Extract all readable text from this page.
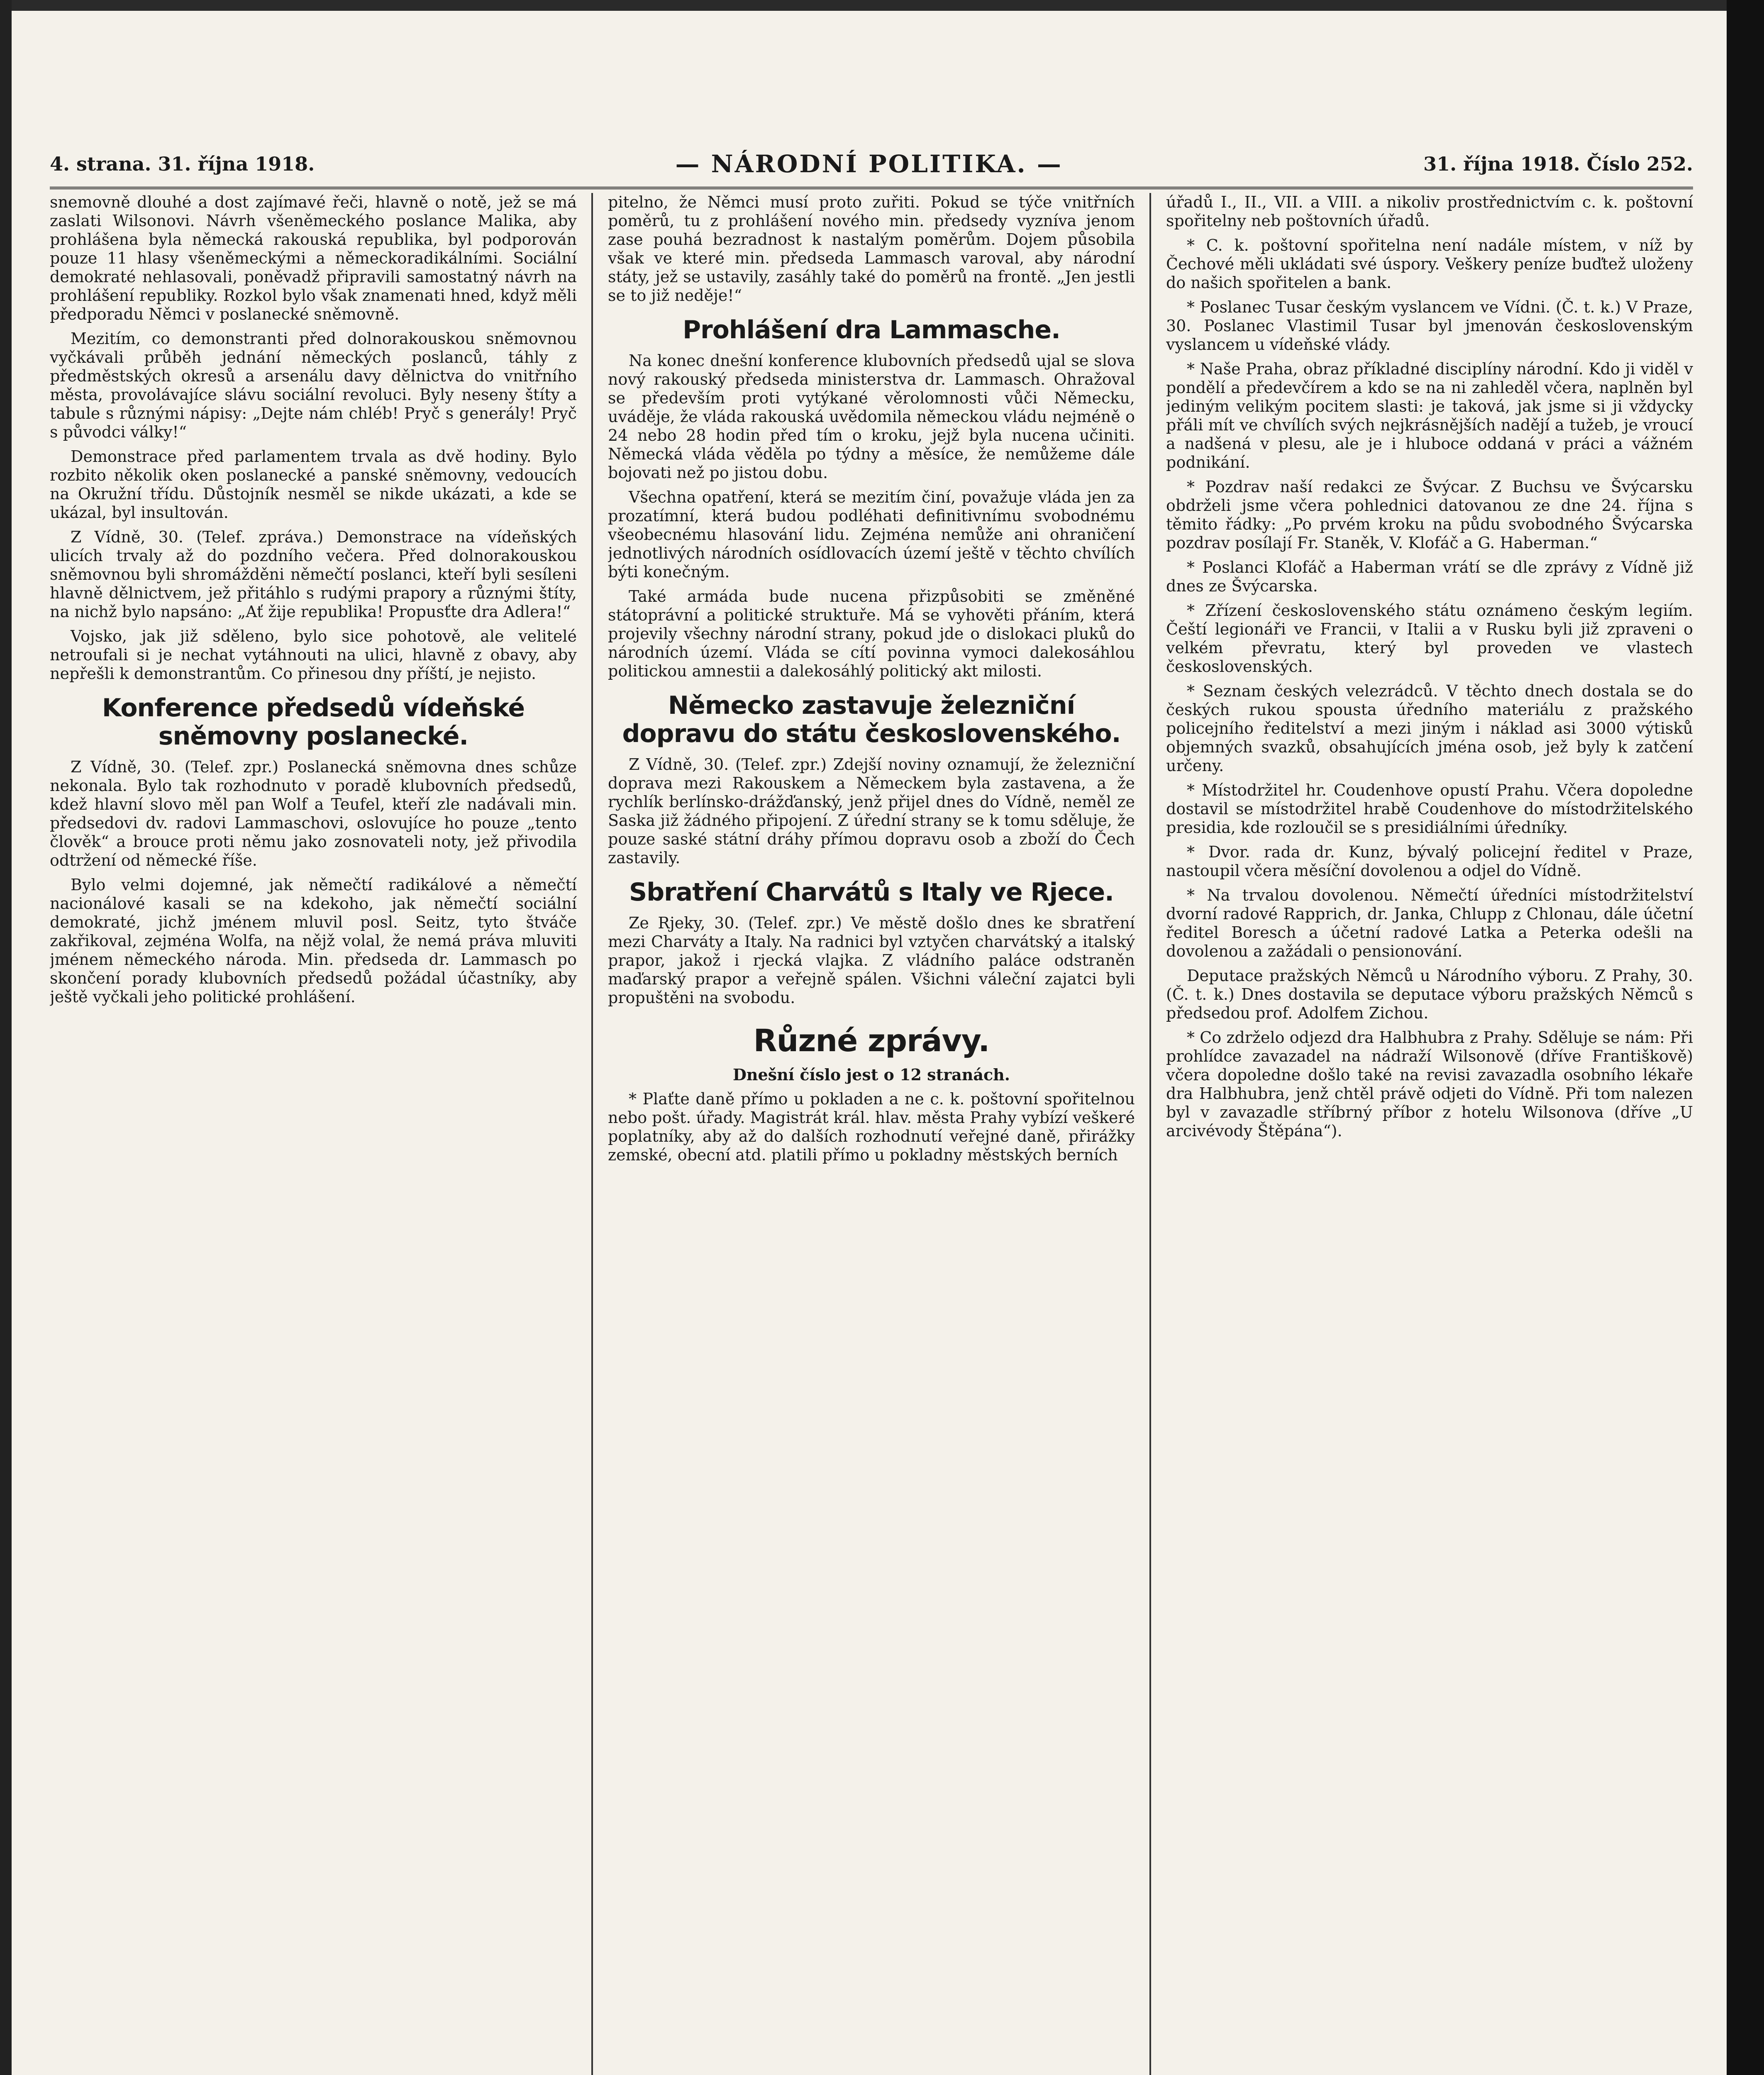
4. strana. 31. října 1918.	— NÁRODNÍ POLITIKA. —	31. října 1918. Číslo 252.

snemovně dlouhé a dost zajímavé řeči, hlavně o notě, jež se má zaslati Wilsonovi. Návrh všeněmeckého poslance Malika, aby prohlášena byla německá rakouská republika, byl podporován pouze 11 hlasy všeněmeckými a německoradikálními. Sociální demokraté nehlasovali, poněvadž připravili samostatný návrh na prohlášení republiky. Rozkol bylo však znamenati hned, když měli předporadu Němci v poslanecké sněmovně.

Mezitím, co demonstranti před dolnorakouskou sněmovnou vyčkávali průběh jednání německých poslanců, táhly z předměstských okresů a arsenálu davy dělnictva do vnitřního města, provolávajíce slávu sociální revoluci. Byly neseny štíty a tabule s různými nápisy: „Dejte nám chléb! Pryč s generály! Pryč s původci války!“

Demonstrace před parlamentem trvala as dvě hodiny. Bylo rozbito několik oken poslanecké a panské sněmovny, vedoucích na Okružní třídu. Důstojník nesměl se nikde ukázati, a kde se ukázal, byl insultován.

Z Vídně, 30. (Telef. zpráva.) Demonstrace na vídeňských ulicích trvaly až do pozdního večera. Před dolnorakouskou sněmovnou byli shromážděni němečtí poslanci, kteří byli sesíleni hlavně dělnictvem, jež přitáhlo s rudými prapory a různými štíty, na nichž bylo napsáno: „Ať žije republika! Propusťte dra Adlera!“

Vojsko, jak již sděleno, bylo sice pohotově, ale velitelé netroufali si je nechat vytáhnouti na ulici, hlavně z obavy, aby nepřešli k demonstrantům. Co přinesou dny příští, je nejisto.

Konference předsedů vídeňské sněmovny poslanecké.

Z Vídně, 30. (Telef. zpr.) Poslanecká sněmovna dnes schůze nekonala. Bylo tak rozhodnuto v poradě klubovních předsedů, kdež hlavní slovo měl pan Wolf a Teufel, kteří zle nadávali min. předsedovi dv. radovi Lammaschovi, oslovujíce ho pouze „tento člověk“ a brouce proti němu jako zosnovateli noty, jež přivodila odtržení od německé říše.

Bylo velmi dojemné, jak němečtí radikálové a němečtí nacionálové kasali se na kdekoho, jak němečtí sociální demokraté, jichž jménem mluvil posl. Seitz, tyto štváče zakřikoval, zejména Wolfa, na nějž volal, že nemá práva mluviti jménem německého národa. Min. předseda dr. Lammasch po skončení porady klubovních předsedů požádal účastníky, aby ještě vyčkali jeho politické prohlášení.

pitelno, že Němci musí proto zuřiti. Pokud se týče vnitřních poměrů, tu z prohlášení nového min. předsedy vyzníva jenom zase pouhá bezradnost k nastalým poměrům. Dojem působila však ve které min. předseda Lammasch varoval, aby národní státy, jež se ustavily, zasáhly také do poměrů na frontě. „Jen jestli se to již neděje!“

Prohlášení dra Lammasche.

Na konec dnešní konference klubovních předsedů ujal se slova nový rakouský předseda ministerstva dr. Lammasch. Ohražoval se především proti vytýkané věrolomnosti vůči Německu, uváděje, že vláda rakouská uvědomila německou vládu nejméně o 24 nebo 28 hodin před tím o kroku, jejž byla nucena učiniti. Německá vláda věděla po týdny a měsíce, že nemůžeme dále bojovati než po jistou dobu.

Všechna opatření, která se mezitím činí, považuje vláda jen za prozatímní, která budou podléhati definitivnímu svobodnému všeobecnému hlasování lidu. Zejména nemůže ani ohraničení jednotlivých národních osídlovacích území ještě v těchto chvílích býti konečným.

Také armáda bude nucena přizpůsobiti se změněné státoprávní a politické struktuře. Má se vyhověti přáním, která projevily všechny národní strany, pokud jde o dislokaci pluků do národních území. Vláda se cítí povinna vymoci dalekosáhlou politickou amnestii a dalekosáhlý politický akt milosti.

Německo zastavuje železniční dopravu do státu československého.

Z Vídně, 30. (Telef. zpr.) Zdejší noviny oznamují, že železniční doprava mezi Rakouskem a Německem byla zastavena, a že rychlík berlínsko-drážďanský, jenž přijel dnes do Vídně, neměl ze Saska již žádného připojení. Z úřední strany se k tomu sděluje, že pouze saské státní dráhy přímou dopravu osob a zboží do Čech zastavily.

Sbratření Charvátů s Italy ve Rjece.

Ze Rjeky, 30. (Telef. zpr.) Ve městě došlo dnes ke sbratření mezi Charváty a Italy. Na radnici byl vztyčen charvátský a italský prapor, jakož i rjecká vlajka. Z vládního paláce odstraněn maďarský prapor a veřejně spálen. Všichni váleční zajatci byli propuštěni na svobodu.

Různé zprávy.

Dnešní číslo jest o 12 stranách.

* Plaťte daně přímo u pokladen a ne c. k. poštovní spořitelnou nebo pošt. úřady. Magistrát král. hlav. města Prahy vybízí veškeré poplatníky, aby až do dalších rozhodnutí veřejné daně, přirážky zemské, obecní atd. platili přímo u pokladny městských berních

úřadů I., II., VII. a VIII. a nikoliv prostřednictvím c. k. poštovní spořitelny neb poštovních úřadů.

* C. k. poštovní spořitelna není nadále místem, v níž by Čechové měli ukládati své úspory. Veškery peníze buďtež uloženy do našich spořitelen a bank.

* Poslanec Tusar českým vyslancem ve Vídni. (Č. t. k.) V Praze, 30. Poslanec Vlastimil Tusar byl jmenován československým vyslancem u vídeňské vlády.

* Naše Praha, obraz příkladné disciplíny národní. Kdo ji viděl v pondělí a předevčírem a kdo se na ni zahleděl včera, naplněn byl jediným velikým pocitem slasti: je taková, jak jsme si ji vždycky přáli mít ve chvílích svých nejkrásnějších nadějí a tužeb, je vroucí a nadšená v plesu, ale je i hluboce oddaná v práci a vážném podnikání.

* Pozdrav naší redakci ze Švýcar. Z Buchsu ve Švýcarsku obdrželi jsme včera pohlednici datovanou ze dne 24. října s těmito řádky: „Po prvém kroku na půdu svobodného Švýcarska pozdrav posílají Fr. Staněk, V. Klofáč a G. Haberman.“

* Poslanci Klofáč a Haberman vrátí se dle zprávy z Vídně již dnes ze Švýcarska.

* Zřízení československého státu oznámeno českým legiím. Čeští legionáři ve Francii, v Italii a v Rusku byli již zpraveni o velkém převratu, který byl proveden ve vlastech československých.

* Seznam českých velezrádců. V těchto dnech dostala se do českých rukou spousta úředního materiálu z pražského policejního ředitelství a mezi jiným i náklad asi 3000 výtisků objemných svazků, obsahujících jména osob, jež byly k zatčení určeny.

* Místodržitel hr. Coudenhove opustí Prahu. Včera dopoledne dostavil se místodržitel hrabě Coudenhove do místodržitelského presidia, kde rozloučil se s presidiálními úředníky.

* Dvor. rada dr. Kunz, bývalý policejní ředitel v Praze, nastoupil včera měsíční dovolenou a odjel do Vídně.

* Na trvalou dovolenou. Němečtí úředníci místodržitelství dvorní radové Rapprich, dr. Janka, Chlupp z Chlonau, dále účetní ředitel Boresch a účetní radové Latka a Peterka odešli na dovolenou a zažádali o pensionování.

Deputace pražských Němců u Národního výboru. Z Prahy, 30. (Č. t. k.) Dnes dostavila se deputace výboru pražských Němců s předsedou prof. Adolfem Zichou.

* Co zdrželo odjezd dra Halbhubra z Prahy. Sděluje se nám: Při prohlídce zavazadel na nádraží Wilsonově (dříve Františkově) včera dopoledne došlo také na revisi zavazadla osobního lékaře dra Halbhubra, jenž chtěl právě odjeti do Vídně. Při tom nalezen byl v zavazadle stříbrný příbor z hotelu Wilsonova (dříve „U arcivévody Štěpána“).
